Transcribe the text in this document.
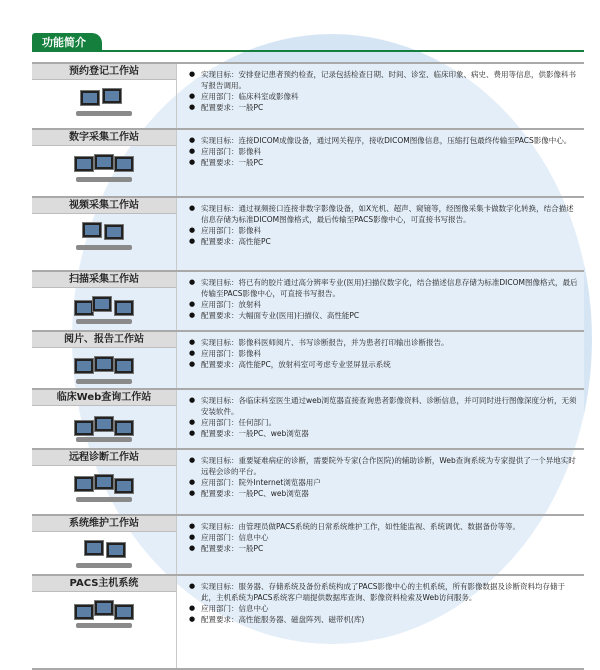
功能简介
预约登记工作站	● 实现目标：安排登记患者预约检查，记录包括检查日期、时间、诊室、临床印象、病史、费用等信息，供影像科书写报告调用。
● 应用部门：临床科室或影像科
● 配置要求：一般PC
数字采集工作站	● 实现目标：连接DICOM成像设备，通过网关程序，接收DICOM图像信息，压缩打包最终传输至PACS影像中心。
● 应用部门：影像科
● 配置要求：一般PC
视频采集工作站	● 实现目标：通过视频接口连接非数字影像设备，如X光机、超声、窥镜等，经图像采集卡做数字化转换，结合描述信息存储为标准DICOM图像格式，最后传输至PACS影像中心，可直接书写报告。
● 应用部门：影像科
● 配置要求：高性能PC
扫描采集工作站	● 实现目标：将已有的胶片通过高分辨率专业(医用)扫描仪数字化，结合描述信息存储为标准DICOM图像格式，最后传输至PACS影像中心，可直接书写报告。
● 应用部门：放射科
● 配置要求：大幅面专业(医用)扫描仪、高性能PC
阅片、报告工作站	● 实现目标：影像科医师阅片、书写诊断报告，并为患者打印输出诊断报告。
● 应用部门：影像科
● 配置要求：高性能PC，放射科室可考虑专业竖屏显示系统
临床Web查询工作站	● 实现目标：各临床科室医生通过web浏览器直接查询患者影像资料、诊断信息，并可同时进行图像深度分析，无须安装软件。
● 应用部门：任何部门。
● 配置要求：一般PC、web浏览器
远程诊断工作站	● 实现目标：重要疑难病症的诊断，需要院外专家(合作医院)的辅助诊断，Web查询系统为专家提供了一个异地实时远程会诊的平台。
● 应用部门：院外Internet浏览器用户
● 配置要求：一般PC、web浏览器
系统维护工作站	● 实现目标：由管理员做PACS系统的日常系统维护工作，如性能监视、系统调优、数据备份等等。
● 应用部门：信息中心
● 配置要求：一般PC
PACS主机系统	● 实现目标：服务器、存储系统及备份系统构成了PACS影像中心的主机系统，所有影像数据及诊断资料均存储于此，主机系统为PACS系统客户端提供数据库查询、影像资料检索及Web访问服务。
● 应用部门：信息中心
● 配置要求：高性能服务器、磁盘阵列、磁带机(库)
